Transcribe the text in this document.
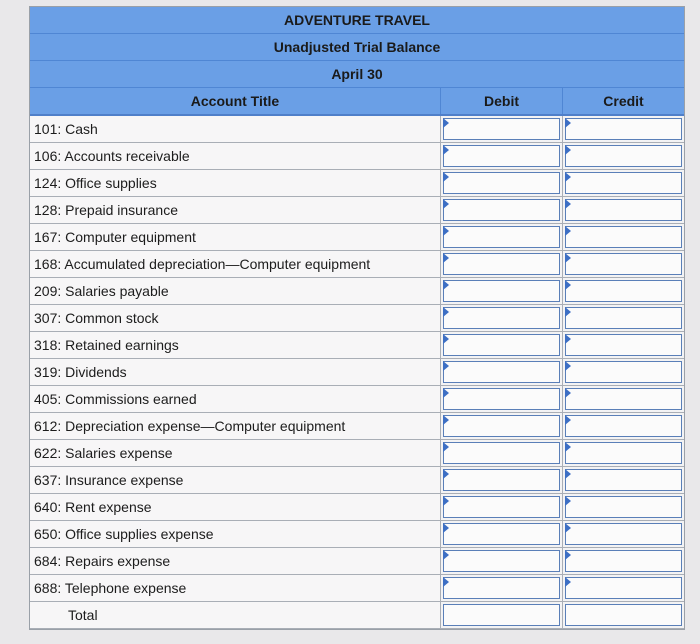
ADVENTURE TRAVEL
Unadjusted Trial Balance
April 30
Account Title	Debit	Credit
101: Cash
106: Accounts receivable
124: Office supplies
128: Prepaid insurance
167: Computer equipment
168: Accumulated depreciation—Computer equipment
209: Salaries payable
307: Common stock
318: Retained earnings
319: Dividends
405: Commissions earned
612: Depreciation expense—Computer equipment
622: Salaries expense
637: Insurance expense
640: Rent expense
650: Office supplies expense
684: Repairs expense
688: Telephone expense
Total
